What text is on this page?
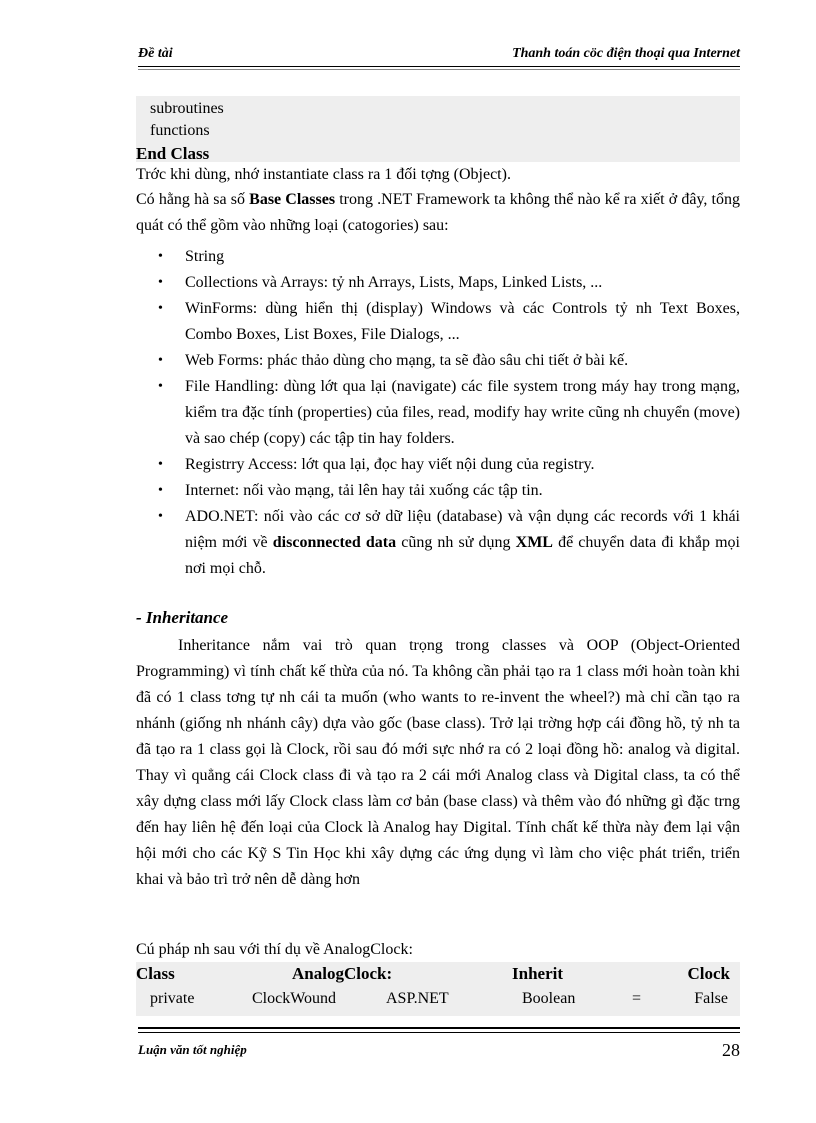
Đề tài	Thanh toán cöc điện thoại qua Internet
subroutines
functions
End Class
Trớc khi dùng, nhớ instantiate class ra 1 đối tợng (Object).
Có hằng hà sa số Base Classes trong .NET Framework ta không thể nào kể ra xiết ở đây, tổng quát có thể gồm vào những loại (catogories) sau:
• String
• Collections và Arrays: tỷ nh Arrays, Lists, Maps, Linked Lists, ...
• WinForms: dùng hiển thị (display) Windows và các Controls tỷ nh Text Boxes, Combo Boxes, List Boxes, File Dialogs, ...
• Web Forms: phác thảo dùng cho mạng, ta sẽ đào sâu chi tiết ở bài kế.
• File Handling: dùng lớt qua lại (navigate) các file system trong máy hay trong mạng, kiểm tra đặc tính (properties) của files, read, modify hay write cũng nh chuyển (move) và sao chép (copy) các tập tin hay folders.
• Registrry Access: lớt qua lại, đọc hay viết nội dung của registry.
• Internet: nối vào mạng, tải lên hay tải xuống các tập tin.
• ADO.NET: nối vào các cơ sở dữ liệu (database) và vận dụng các records với 1 khái niệm mới về disconnected data cũng nh sử dụng XML để chuyển data đi khắp mọi nơi mọi chỗ.
- Inheritance
Inheritance nắm vai trò quan trọng trong classes và OOP (Object-Oriented Programming) vì tính chất kế thừa của nó. Ta không cần phải tạo ra 1 class mới hoàn toàn khi đã có 1 class tơng tự nh cái ta muốn (who wants to re-invent the wheel?) mà chỉ cần tạo ra nhánh (giống nh nhánh cây) dựa vào gốc (base class). Trở lại trờng hợp cái đồng hồ, tỷ nh ta đã tạo ra 1 class gọi là Clock, rồi sau đó mới sực nhớ ra có 2 loại đồng hồ: analog và digital. Thay vì quẳng cái Clock class đi và tạo ra 2 cái mới Analog class và Digital class, ta có thể xây dựng class mới lấy Clock class làm cơ bản (base class) và thêm vào đó những gì đặc trng đến hay liên hệ đến loại của Clock là Analog hay Digital. Tính chất kế thừa này đem lại vận hội mới cho các Kỹ S Tin Học khi xây dựng các ứng dụng vì làm cho việc phát triển, triển khai và bảo trì trở nên dễ dàng hơn
Cú pháp nh sau với thí dụ về AnalogClock:
Class	AnalogClock:	Inherit	Clock
private	ClockWound	ASP.NET	Boolean	=	False
Luận văn tốt nghiệp	28
